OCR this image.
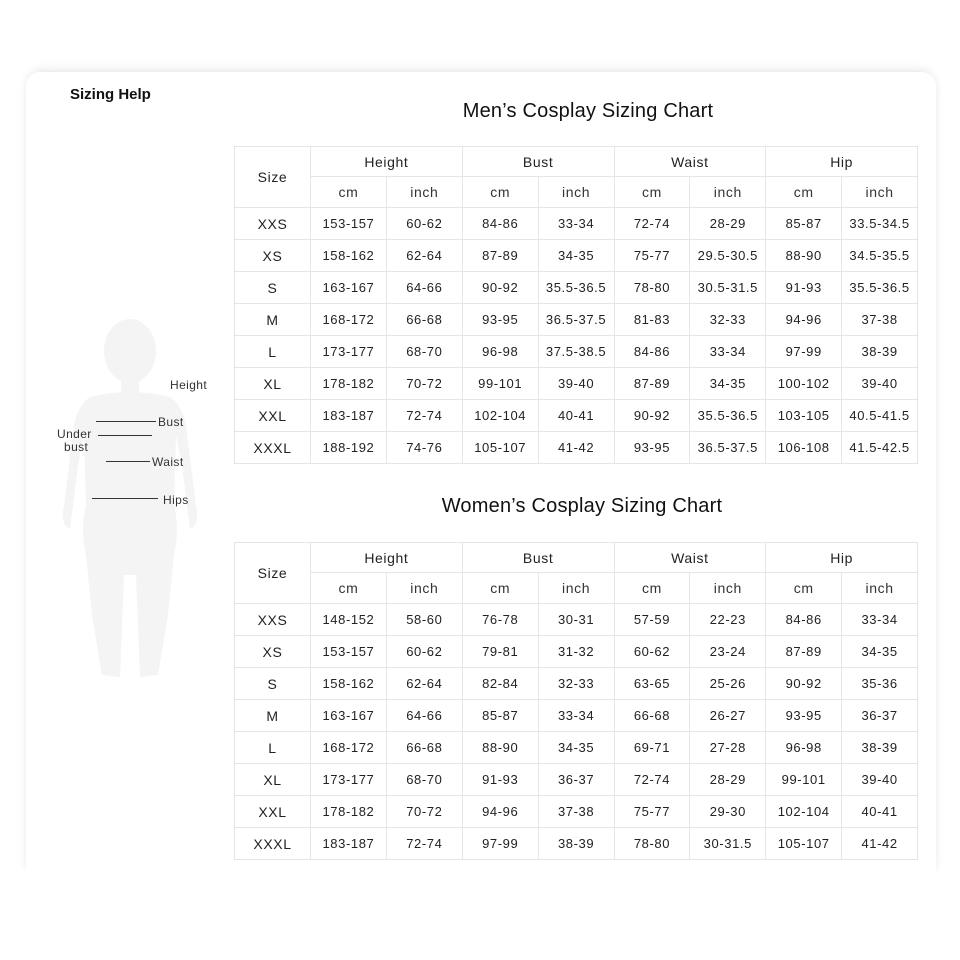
Sizing Help
Height
Bust
Under
bust
Waist
Hips
Men’s Cosplay Sizing Chart
Size	Height		Bust		Waist		Hip	
	cm	inch	cm	inch	cm	inch	cm	inch
XXS	153-157	60-62	84-86	33-34	72-74	28-29	85-87	33.5-34.5
XS	158-162	62-64	87-89	34-35	75-77	29.5-30.5	88-90	34.5-35.5
S	163-167	64-66	90-92	35.5-36.5	78-80	30.5-31.5	91-93	35.5-36.5
M	168-172	66-68	93-95	36.5-37.5	81-83	32-33	94-96	37-38
L	173-177	68-70	96-98	37.5-38.5	84-86	33-34	97-99	38-39
XL	178-182	70-72	99-101	39-40	87-89	34-35	100-102	39-40
XXL	183-187	72-74	102-104	40-41	90-92	35.5-36.5	103-105	40.5-41.5
XXXL	188-192	74-76	105-107	41-42	93-95	36.5-37.5	106-108	41.5-42.5
Women’s Cosplay Sizing Chart
Size	Height		Bust		Waist		Hip	
	cm	inch	cm	inch	cm	inch	cm	inch
XXS	148-152	58-60	76-78	30-31	57-59	22-23	84-86	33-34
XS	153-157	60-62	79-81	31-32	60-62	23-24	87-89	34-35
S	158-162	62-64	82-84	32-33	63-65	25-26	90-92	35-36
M	163-167	64-66	85-87	33-34	66-68	26-27	93-95	36-37
L	168-172	66-68	88-90	34-35	69-71	27-28	96-98	38-39
XL	173-177	68-70	91-93	36-37	72-74	28-29	99-101	39-40
XXL	178-182	70-72	94-96	37-38	75-77	29-30	102-104	40-41
XXXL	183-187	72-74	97-99	38-39	78-80	30-31.5	105-107	41-42
